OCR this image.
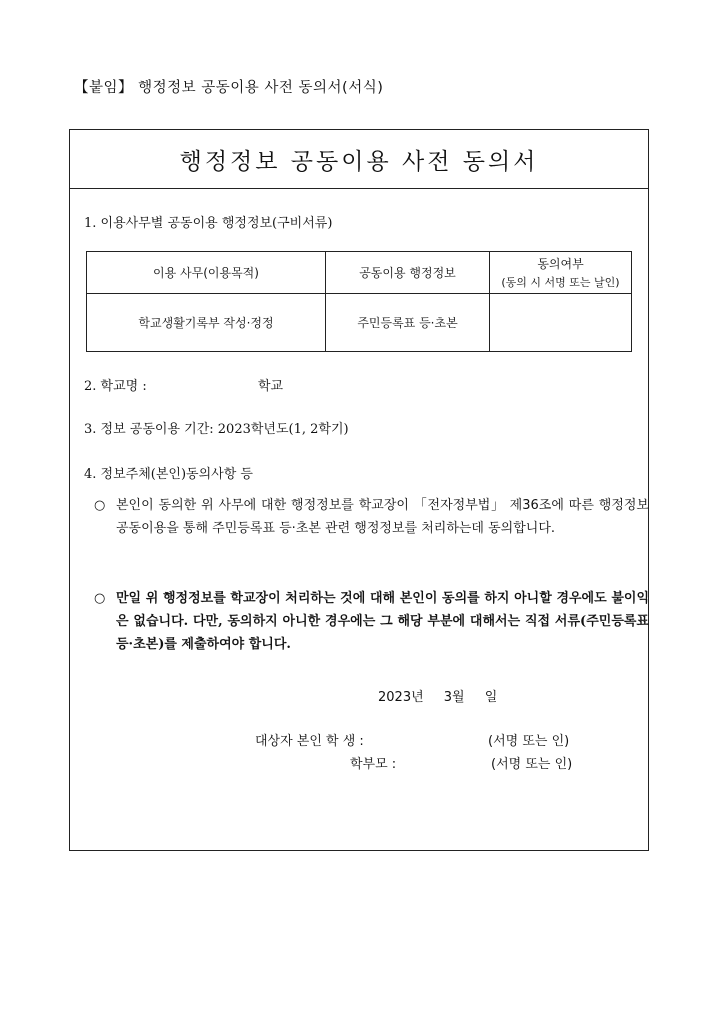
【붙임】 행정정보 공동이용 사전 동의서(서식)
행정정보 공동이용 사전 동의서
1. 이용사무별 공동이용 행정정보(구비서류)
이용 사무(이용목적)	공동이용 행정정보	동의여부
(동의 시 서명 또는 날인)

학교생활기록부 작성·정정	주민등록표 등·초본	
2. 학교명 :	학교
3. 정보 공동이용 기간: 2023학년도(1, 2학기)
4. 정보주체(본인)동의사항 등
○ 본인이 동의한 위 사무에 대한 행정정보를 학교장이 「전자정부법」 제36조에 따른 행정정보 공동이용을 통해 주민등록표 등·초본 관련 행정정보를 처리하는데 동의합니다.
○ 만일 위 행정정보를 학교장이 처리하는 것에 대해 본인이 동의를 하지 아니할 경우에도 불이익은 없습니다. 다만, 동의하지 아니한 경우에는 그 해당 부분에 대해서는 직접 서류(주민등록표 등·초본)를 제출하여야 합니다.
2023년 3월 일
대상자 본인 학 생 :	(서명 또는 인)
학부모 :	(서명 또는 인)
